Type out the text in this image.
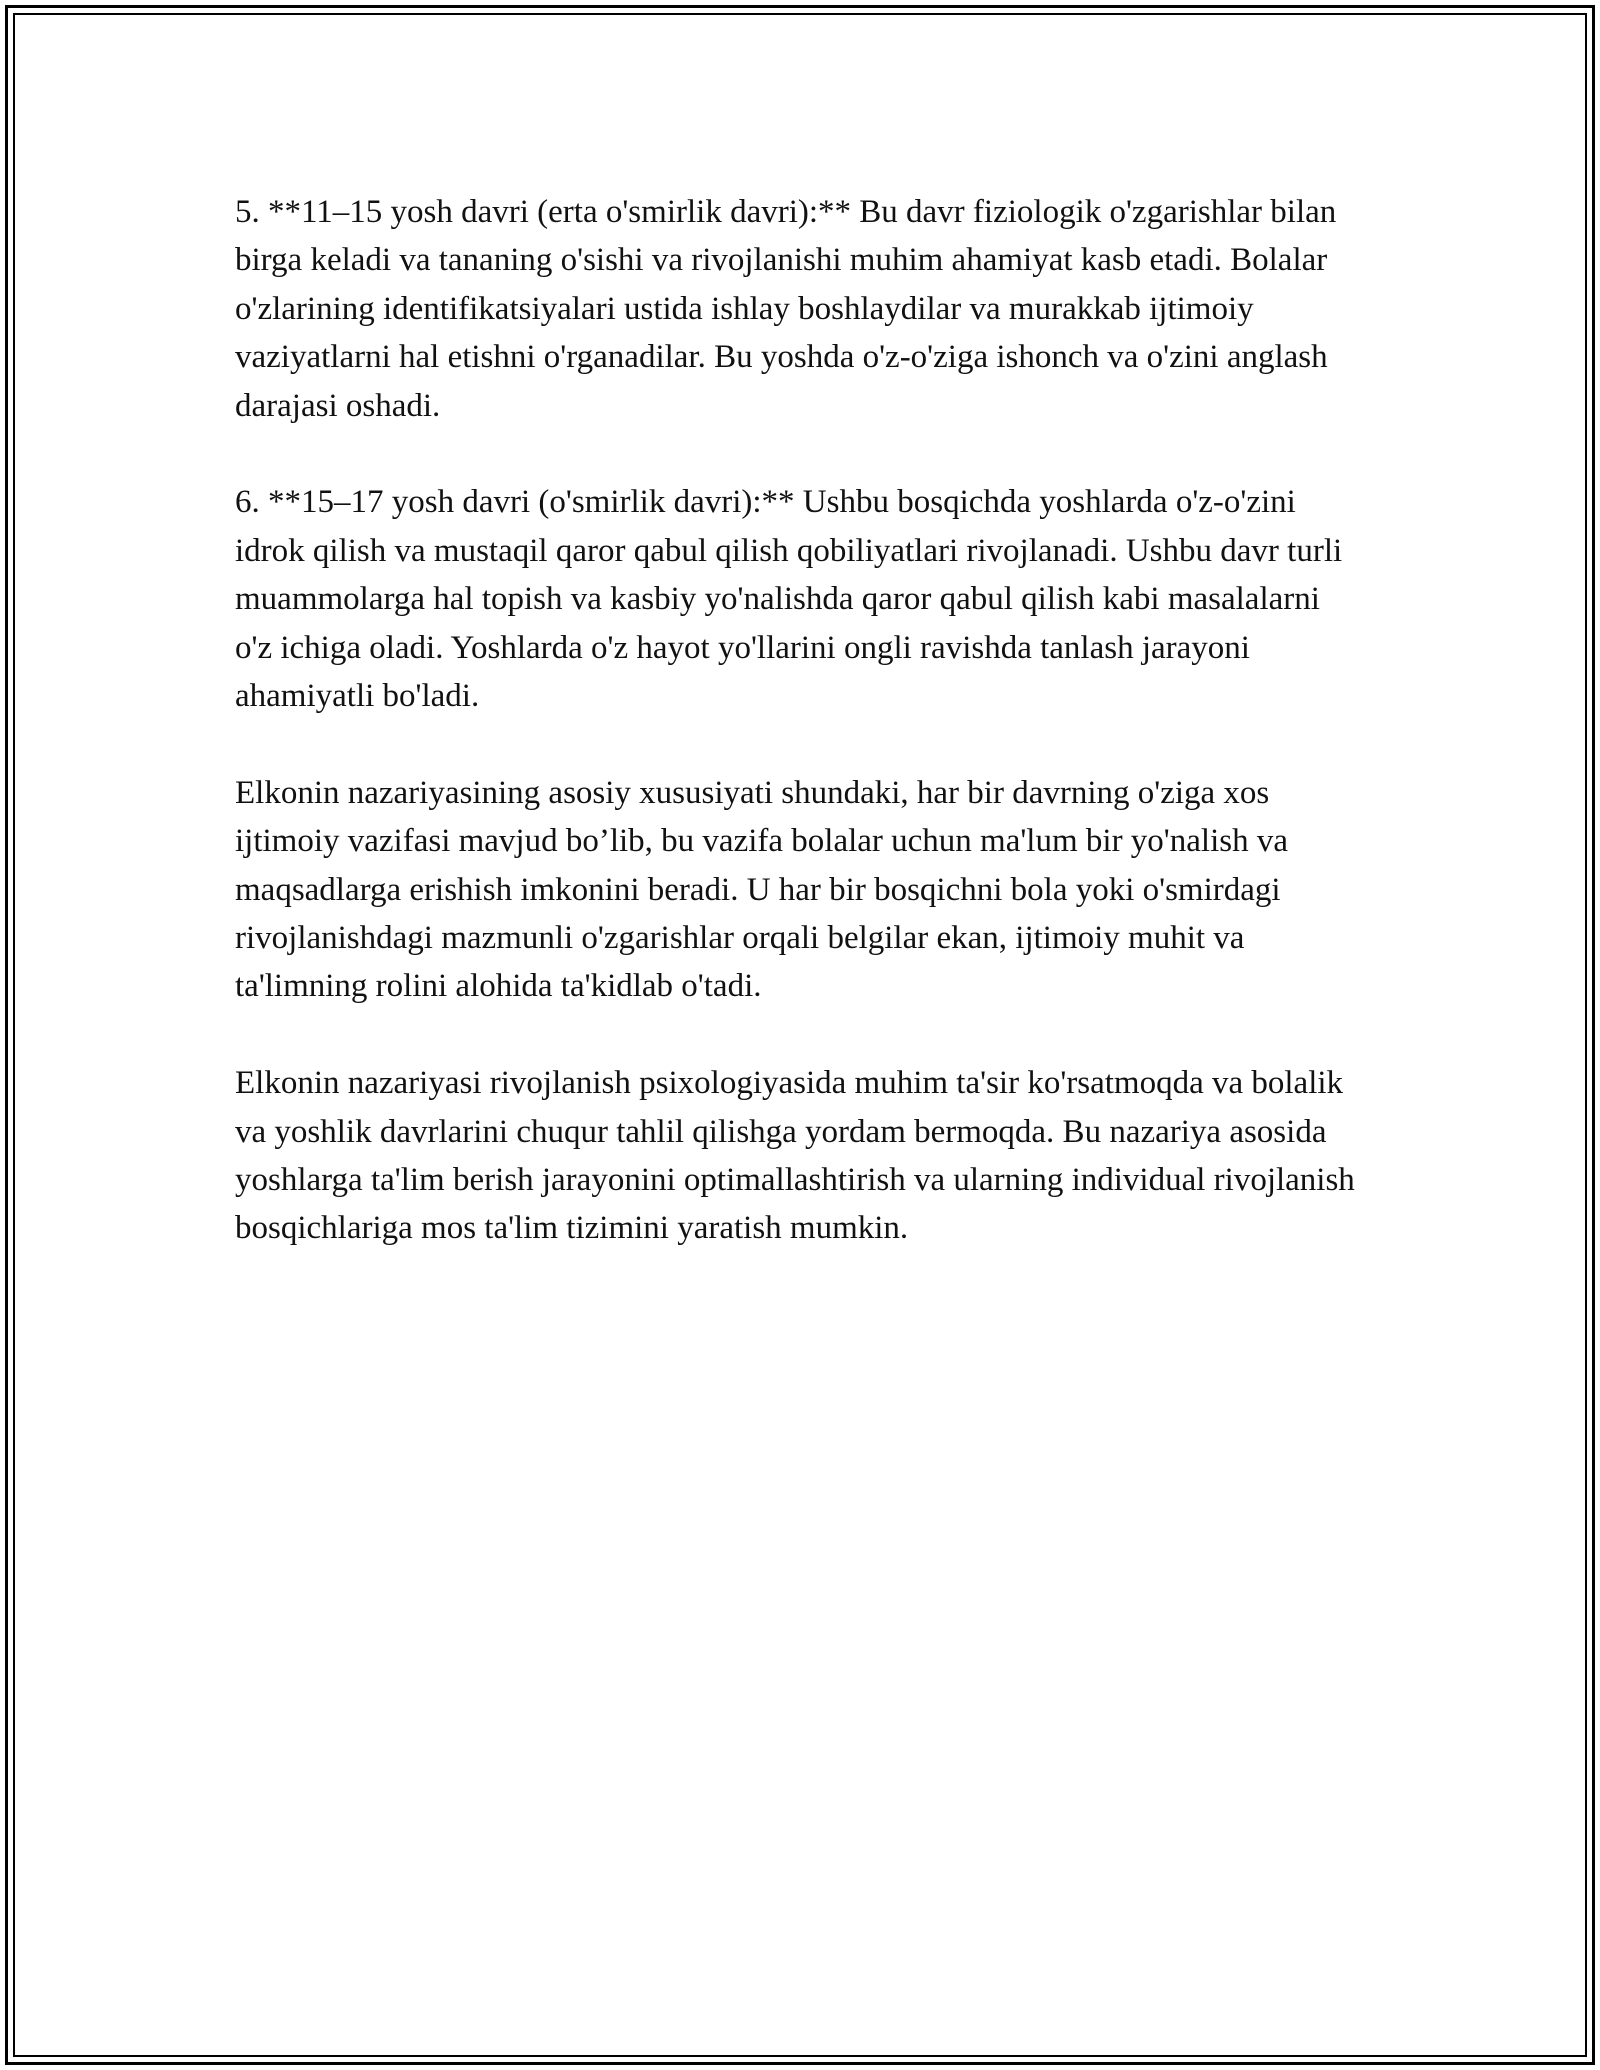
5. **11–15 yosh davri (erta o'smirlik davri):** Bu davr fiziologik o'zgarishlar bilan birga keladi va tananing o'sishi va rivojlanishi muhim ahamiyat kasb etadi. Bolalar o'zlarining identifikatsiyalari ustida ishlay boshlaydilar va murakkab ijtimoiy vaziyatlarni hal etishni o'rganadilar. Bu yoshda o'z-o'ziga ishonch va o'zini anglash darajasi oshadi.

6. **15–17 yosh davri (o'smirlik davri):** Ushbu bosqichda yoshlarda o'z-o'zini idrok qilish va mustaqil qaror qabul qilish qobiliyatlari rivojlanadi. Ushbu davr turli muammolarga hal topish va kasbiy yo'nalishda qaror qabul qilish kabi masalalarni o'z ichiga oladi. Yoshlarda o'z hayot yo'llarini ongli ravishda tanlash jarayoni ahamiyatli bo'ladi.

Elkonin nazariyasining asosiy xususiyati shundaki, har bir davrning o'ziga xos ijtimoiy vazifasi mavjud bo’lib, bu vazifa bolalar uchun ma'lum bir yo'nalish va maqsadlarga erishish imkonini beradi. U har bir bosqichni bola yoki o'smirdagi rivojlanishdagi mazmunli o'zgarishlar orqali belgilar ekan, ijtimoiy muhit va ta'limning rolini alohida ta'kidlab o'tadi.

Elkonin nazariyasi rivojlanish psixologiyasida muhim ta'sir ko'rsatmoqda va bolalik va yoshlik davrlarini chuqur tahlil qilishga yordam bermoqda. Bu nazariya asosida yoshlarga ta'lim berish jarayonini optimallashtirish va ularning individual rivojlanish bosqichlariga mos ta'lim tizimini yaratish mumkin.
